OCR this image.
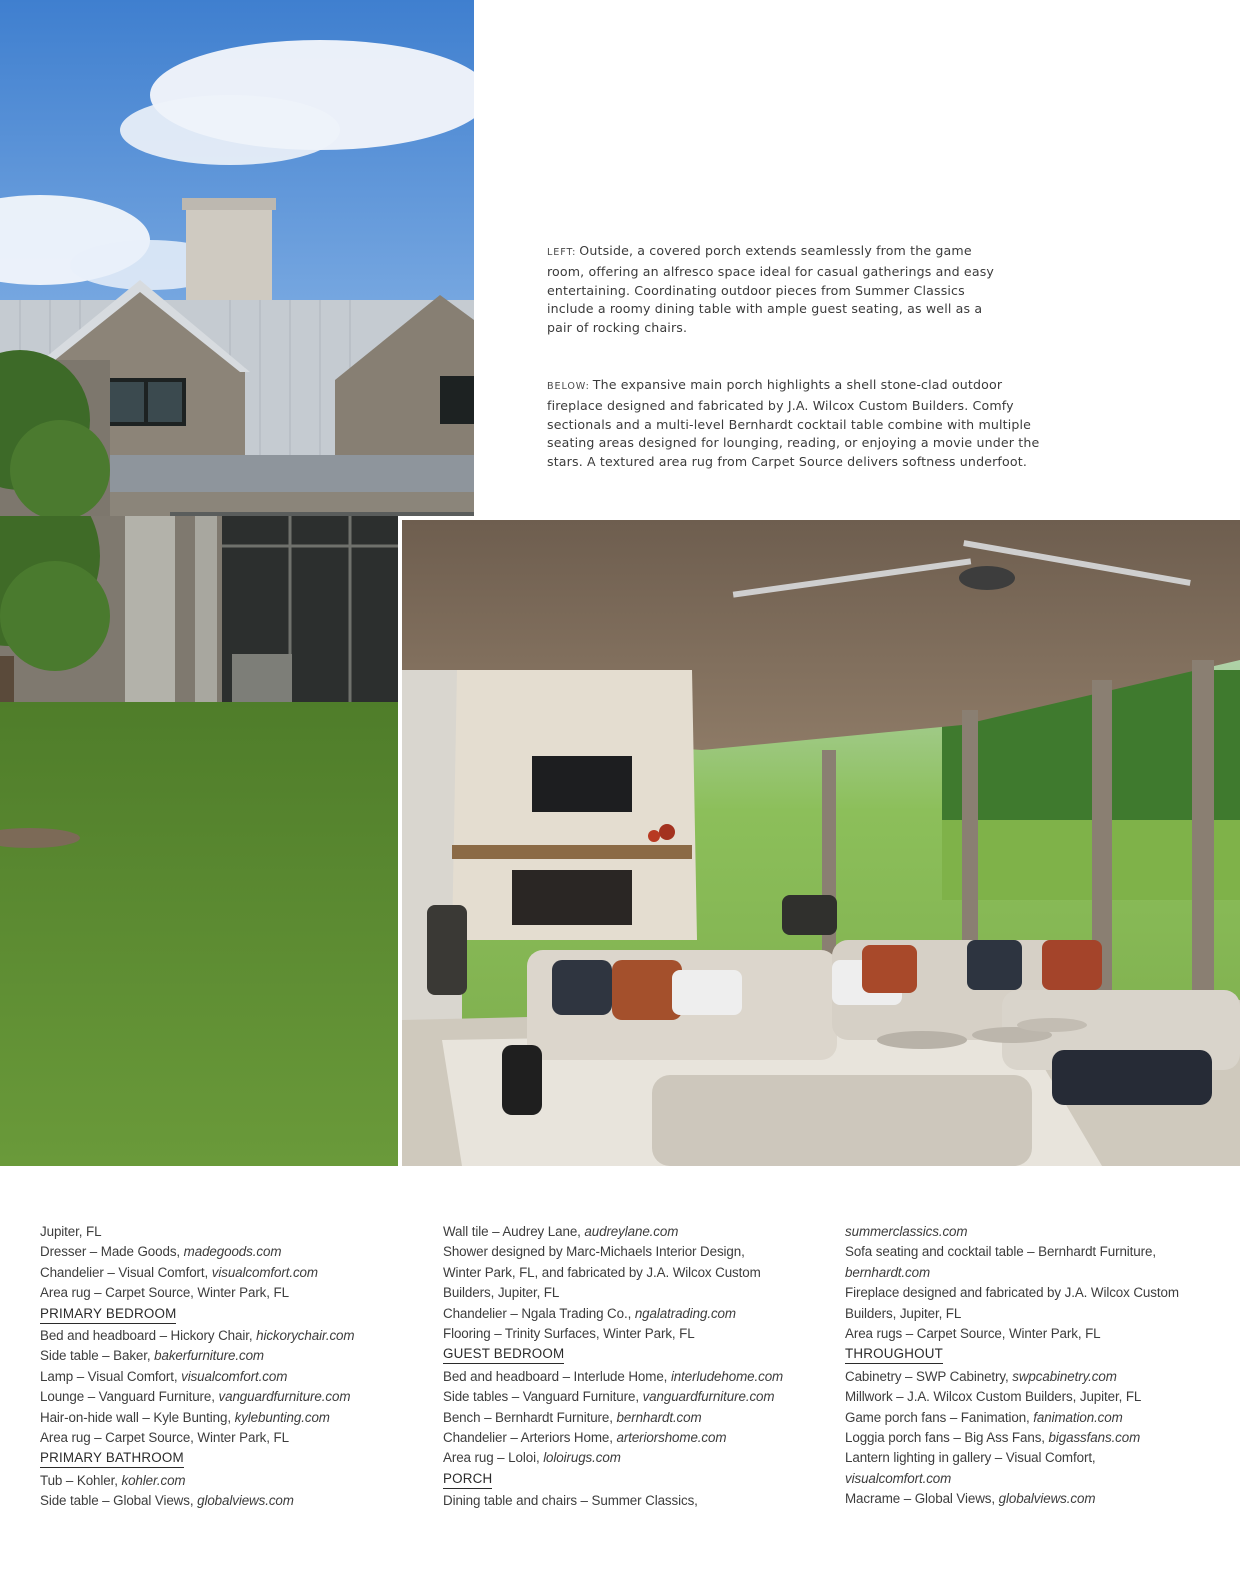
LEFT: Outside, a covered porch extends seamlessly from the game

room, offering an alfresco space ideal for casual gatherings and easy

entertaining. Coordinating outdoor pieces from Summer Classics

include a roomy dining table with ample guest seating, as well as a

pair of rocking chairs.

BELOW: The expansive main porch highlights a shell stone-clad outdoor

fireplace designed and fabricated by J.A. Wilcox Custom Builders. Comfy

sectionals and a multi-level Bernhardt cocktail table combine with multiple

seating areas designed for lounging, reading, or enjoying a movie under the

stars. A textured area rug from Carpet Source delivers softness underfoot.

Jupiter, FL
Dresser – Made Goods, madegoods.com
Chandelier – Visual Comfort, visualcomfort.com
Area rug – Carpet Source, Winter Park, FL
PRIMARY BEDROOM
Bed and headboard – Hickory Chair, hickorychair.com
Side table – Baker, bakerfurniture.com
Lamp – Visual Comfort, visualcomfort.com
Lounge – Vanguard Furniture, vanguardfurniture.com
Hair-on-hide wall – Kyle Bunting, kylebunting.com
Area rug – Carpet Source, Winter Park, FL
PRIMARY BATHROOM
Tub – Kohler, kohler.com
Side table – Global Views, globalviews.com
Wall tile – Audrey Lane, audreylane.com
Shower designed by Marc-Michaels Interior Design,
Winter Park, FL, and fabricated by J.A. Wilcox Custom
Builders, Jupiter, FL
Chandelier – Ngala Trading Co., ngalatrading.com
Flooring – Trinity Surfaces, Winter Park, FL
GUEST BEDROOM
Bed and headboard – Interlude Home, interludehome.com
Side tables – Vanguard Furniture, vanguardfurniture.com
Bench – Bernhardt Furniture, bernhardt.com
Chandelier – Arteriors Home, arteriorshome.com
Area rug – Loloi, loloirugs.com
PORCH
Dining table and chairs – Summer Classics,
summerclassics.com
Sofa seating and cocktail table – Bernhardt Furniture,
bernhardt.com
Fireplace designed and fabricated by J.A. Wilcox Custom
Builders, Jupiter, FL
Area rugs – Carpet Source, Winter Park, FL
THROUGHOUT
Cabinetry – SWP Cabinetry, swpcabinetry.com
Millwork – J.A. Wilcox Custom Builders, Jupiter, FL
Game porch fans – Fanimation, fanimation.com
Loggia porch fans – Big Ass Fans, bigassfans.com
Lantern lighting in gallery – Visual Comfort,
visualcomfort.com
Macrame – Global Views, globalviews.com
